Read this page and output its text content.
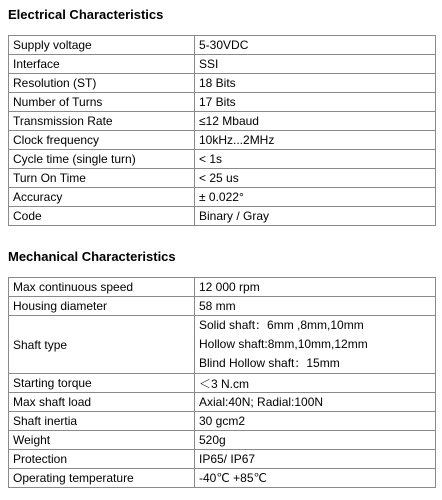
Electrical Characteristics
Supply voltage	5-30VDC
Interface	SSI
Resolution (ST)	18 Bits
Number of Turns	17 Bits
Transmission Rate	≤12 Mbaud
Clock frequency	10kHz...2MHz
Cycle time (single turn)	< 1s
Turn On Time	< 25 us
Accuracy	± 0.022°
Code	Binary / Gray
Mechanical Characteristics
Max continuous speed	12 000 rpm
Housing diameter	58 mm
Shaft type	Solid shaft：6mm ,8mm,10mm
Hollow shaft:8mm,10mm,12mm
Blind Hollow shaft：15mm

Starting torque	＜3 N.cm
Max shaft load	Axial:40N; Radial:100N
Shaft inertia	30 gcm2
Weight	520g
Protection	IP65/ IP67
Operating temperature	-40℃ +85℃
